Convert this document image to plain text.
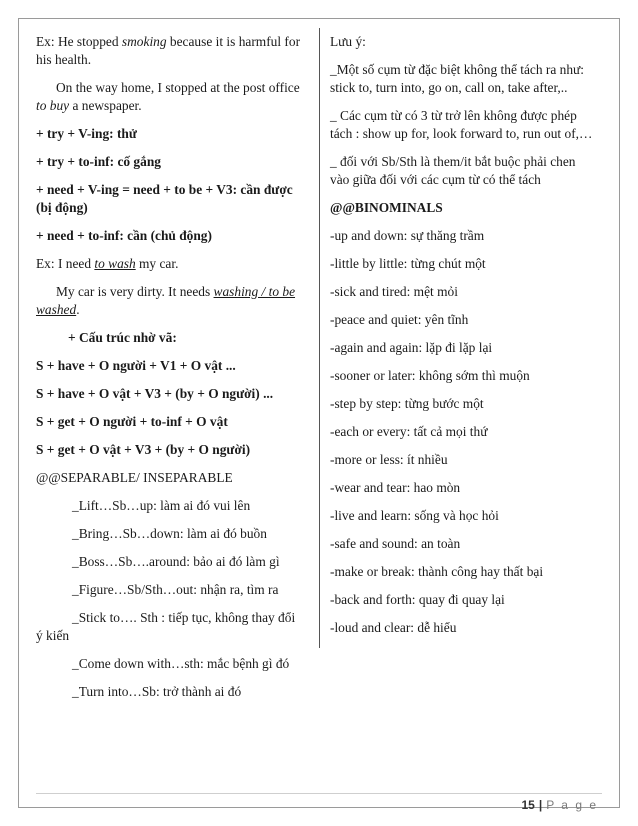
Ex: He stopped smoking because it is harmful for his health.

On the way home, I stopped at the post office to buy a newspaper.

+ try + V-ing: thử

+ try + to-inf: cố gắng

+ need + V-ing = need + to be + V3: cần được (bị động)

+ need + to-inf: cần (chủ động)

Ex: I need to wash my car.

My car is very dirty. It needs washing / to be washed.

+ Cấu trúc nhờ vã:

S + have + O người + V1 + O vật ...

S + have + O vật + V3 + (by + O người) ...

S + get + O người + to-inf + O vật

S + get + O vật + V3 + (by + O người)

@@SEPARABLE/ INSEPARABLE

_Lift…Sb…up: làm ai đó vui lên

_Bring…Sb…down: làm ai đó buồn

_Boss…Sb….around: bảo ai đó làm gì

_Figure…Sb/Sth…out: nhận ra, tìm ra

_Stick to…. Sth : tiếp tục, không thay đổi
ý kiến

_Come down with…sth: mắc bệnh gì đó

_Turn into…Sb: trở thành ai đó

Lưu ý:

_Một số cụm từ đặc biệt không thể tách ra như: stick to, turn into, go on, call on, take after,..

_ Các cụm từ có 3 từ trở lên không được phép tách : show up for, look forward to, run out of,…

_ đối với Sb/Sth là them/it bắt buộc phải chen vào giữa đối với các cụm từ có thể tách

@@BINOMINALS

-up and down: sự thăng trầm

-little by little: từng chút một

-sick and tired: mệt mỏi

-peace and quiet: yên tĩnh

-again and again: lặp đi lặp lại

-sooner or later: không sớm thì muộn

-step by step: từng bước một

-each or every: tất cả mọi thứ

-more or less: ít nhiều

-wear and tear: hao mòn

-live and learn: sống và học hỏi

-safe and sound: an toàn

-make or break: thành công hay thất bại

-back and forth: quay đi quay lại

-loud and clear: dễ hiểu

15 | P a g e
